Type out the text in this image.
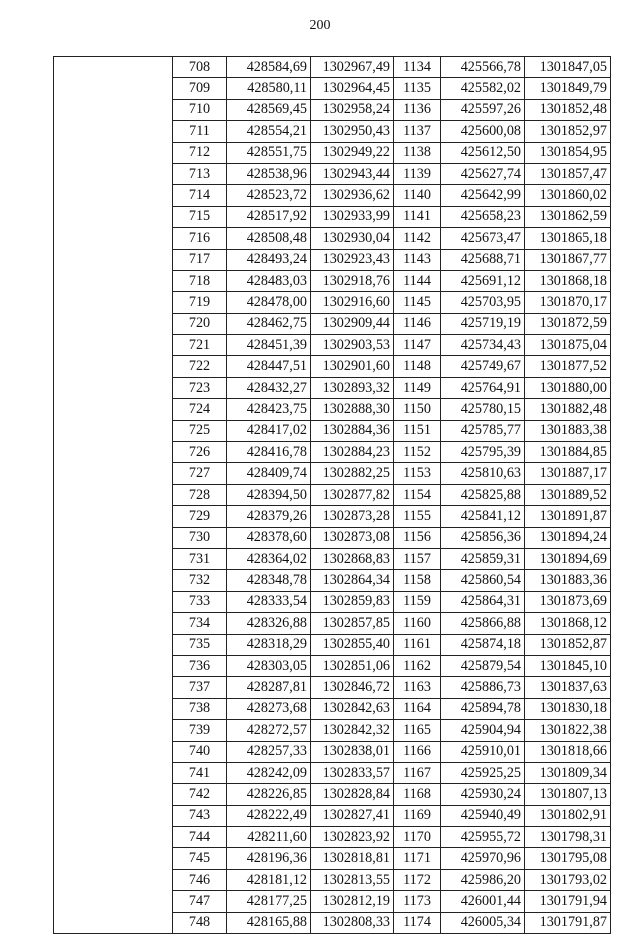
200
	708	428584,69	1302967,49	1134	425566,78	1301847,05
	709	428580,11	1302964,45	1135	425582,02	1301849,79
	710	428569,45	1302958,24	1136	425597,26	1301852,48
	711	428554,21	1302950,43	1137	425600,08	1301852,97
	712	428551,75	1302949,22	1138	425612,50	1301854,95
	713	428538,96	1302943,44	1139	425627,74	1301857,47
	714	428523,72	1302936,62	1140	425642,99	1301860,02
	715	428517,92	1302933,99	1141	425658,23	1301862,59
	716	428508,48	1302930,04	1142	425673,47	1301865,18
	717	428493,24	1302923,43	1143	425688,71	1301867,77
	718	428483,03	1302918,76	1144	425691,12	1301868,18
	719	428478,00	1302916,60	1145	425703,95	1301870,17
	720	428462,75	1302909,44	1146	425719,19	1301872,59
	721	428451,39	1302903,53	1147	425734,43	1301875,04
	722	428447,51	1302901,60	1148	425749,67	1301877,52
	723	428432,27	1302893,32	1149	425764,91	1301880,00
	724	428423,75	1302888,30	1150	425780,15	1301882,48
	725	428417,02	1302884,36	1151	425785,77	1301883,38
	726	428416,78	1302884,23	1152	425795,39	1301884,85
	727	428409,74	1302882,25	1153	425810,63	1301887,17
	728	428394,50	1302877,82	1154	425825,88	1301889,52
	729	428379,26	1302873,28	1155	425841,12	1301891,87
	730	428378,60	1302873,08	1156	425856,36	1301894,24
	731	428364,02	1302868,83	1157	425859,31	1301894,69
	732	428348,78	1302864,34	1158	425860,54	1301883,36
	733	428333,54	1302859,83	1159	425864,31	1301873,69
	734	428326,88	1302857,85	1160	425866,88	1301868,12
	735	428318,29	1302855,40	1161	425874,18	1301852,87
	736	428303,05	1302851,06	1162	425879,54	1301845,10
	737	428287,81	1302846,72	1163	425886,73	1301837,63
	738	428273,68	1302842,63	1164	425894,78	1301830,18
	739	428272,57	1302842,32	1165	425904,94	1301822,38
	740	428257,33	1302838,01	1166	425910,01	1301818,66
	741	428242,09	1302833,57	1167	425925,25	1301809,34
	742	428226,85	1302828,84	1168	425930,24	1301807,13
	743	428222,49	1302827,41	1169	425940,49	1301802,91
	744	428211,60	1302823,92	1170	425955,72	1301798,31
	745	428196,36	1302818,81	1171	425970,96	1301795,08
	746	428181,12	1302813,55	1172	425986,20	1301793,02
	747	428177,25	1302812,19	1173	426001,44	1301791,94
	748	428165,88	1302808,33	1174	426005,34	1301791,87
